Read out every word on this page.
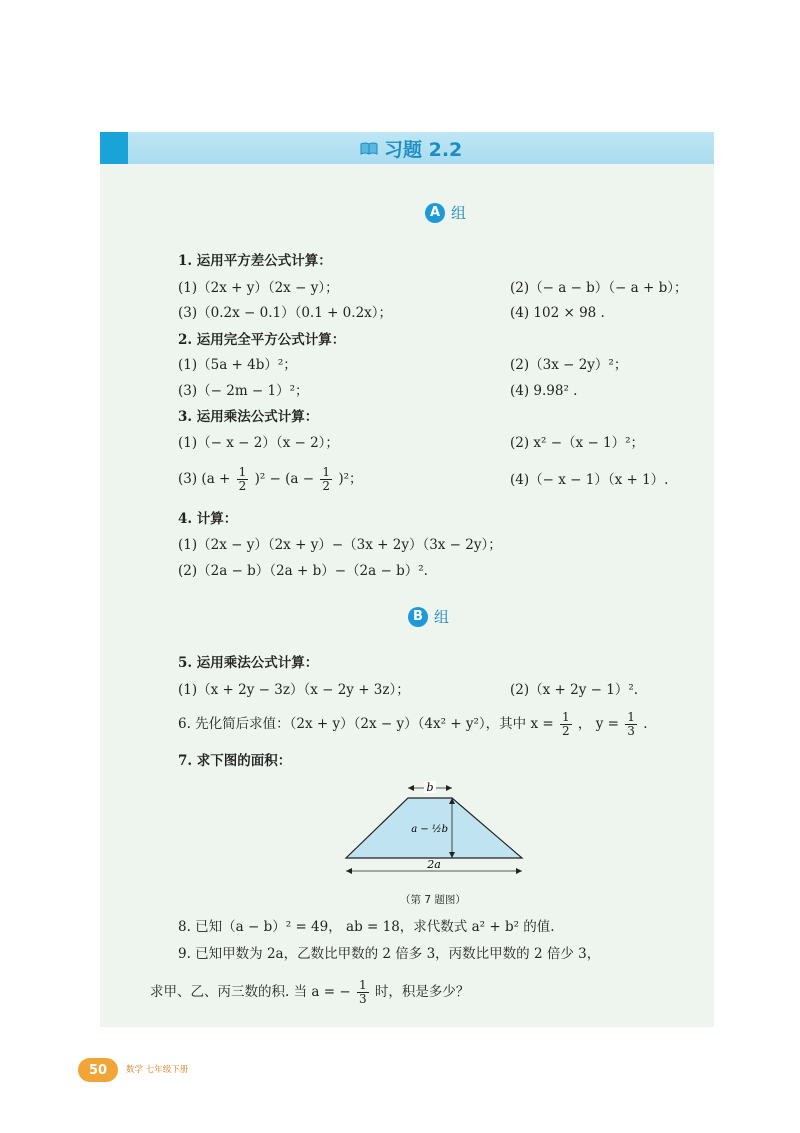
习题 2.2
A 组
1. 运用平方差公式计算：
(1)（2x + y）（2x − y）；	(2)（− a − b）（− a + b）；
(3)（0.2x − 0.1）（0.1 + 0.2x）；	(4) 102 × 98 .
2. 运用完全平方公式计算：
(1)（5a + 4b）²；	(2)（3x − 2y）²；
(3)（− 2m − 1）²；	(4) 9.98² .
3. 运用乘法公式计算：
(1)（− x − 2）（x − 2）；	(2) x² −（x − 1）²；
(3) $(a + \frac{1}{2} )^2 - (a - \frac{1}{2} )^2$；	(4)（− x − 1）（x + 1）.
4. 计算：
(1)（2x − y）（2x + y）−（3x + 2y）（3x − 2y）；
(2)（2a − b）（2a + b）−（2a − b）².
B 组
5. 运用乘法公式计算：
(1)（x + 2y − 3z）（x − 2y + 3z）；	(2)（x + 2y − 1）².
6. 先化简后求值：（2x + y）（2x − y）（4x² + y²），其中 $x = \frac{1}{2}$ ， $y = \frac{1}{3}$ .
7. 求下图的面积：
b
a − ½b
2a
（第 7 题图）
8. 已知（a − b）² = 49， ab = 18，求代数式 a² + b² 的值.
9. 已知甲数为 2a，乙数比甲数的 2 倍多 3，丙数比甲数的 2 倍少 3，
求甲、乙、丙三数的积. 当 a = − $\frac{1}{3}$ 时，积是多少？
50 数学 七年级下册
